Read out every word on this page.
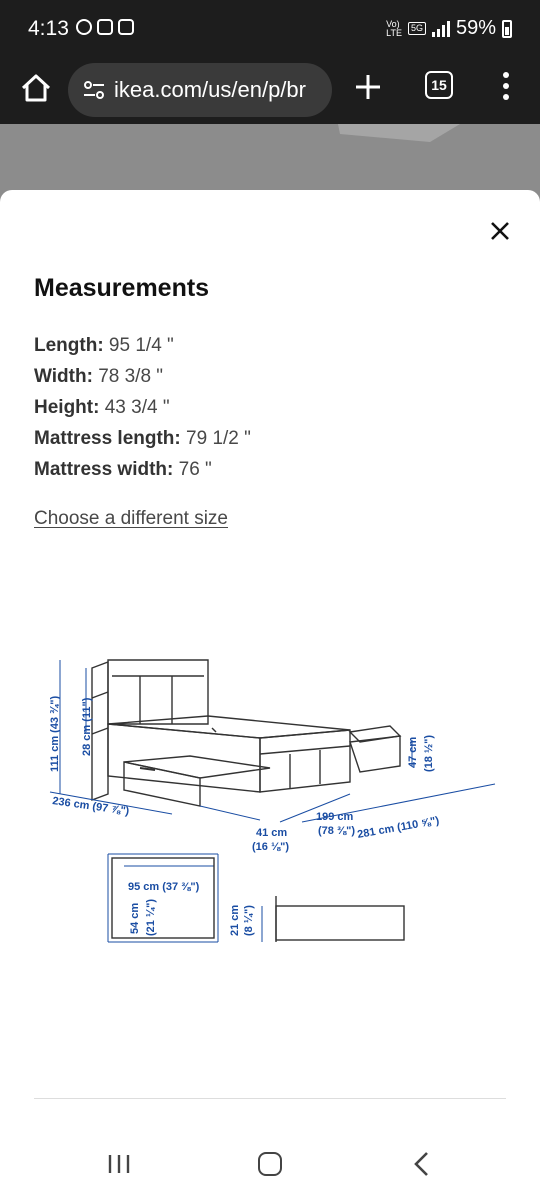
4:13	Vo)
LTE	5G 59%
ikea.com/us/en/p/br	15
Measurements
Length: 95 1/4 "
Width: 78 3/8 "
Height: 43 3/4 "
Mattress length: 79 1/2 "
Mattress width: 76 "
Choose a different size
111 cm (43 ¾") 28 cm (11")
236 cm (97 ⅞")
41 cm
(16 ⅛")
199 cm
(78 ⅜") 281 cm (110 ⅝")
47 cm (18 ½")
95 cm (37 ⅜")
54 cm (21 ¼")	21 cm (8 ¼")
